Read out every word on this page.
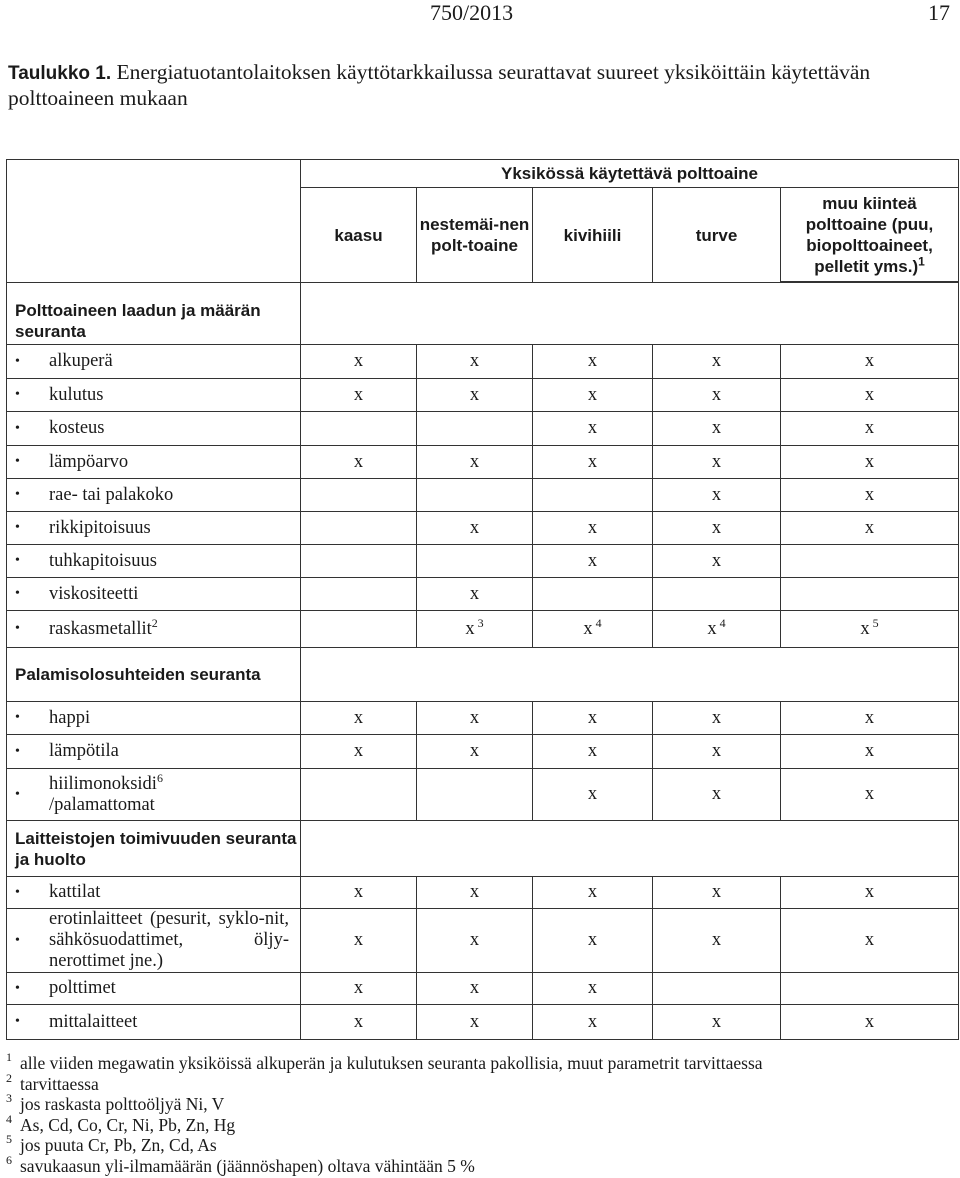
750/2013	17
Taulukko 1. Energiatuotantolaitoksen käyttötarkkailussa seurattavat suureet yksiköittäin käytettävän polttoaineen mukaan
	Yksikössä käytettävä polttoaine				
	kaasu	nestemäi-nen polt-toaine	kivihiili	turve	muu kiinteä polttoaine (puu, biopolttoaineet, pelletit yms.)$^1$

Polttoaineen laadun ja määrän seuranta					
• alkuperä	x	x	x	x	x
• kulutus	x	x	x	x	x
• kosteus			x	x	x
• lämpöarvo	x	x	x	x	x
• rae- tai palakoko				x	x
• rikkipitoisuus		x	x	x	x
• tuhkapitoisuus			x	x	
• viskositeetti		x			
• raskasmetallit$^2$		x $^3$	x $^4$	x $^4$	x $^5$
Palamisolosuhteiden seuranta					
• happi	x	x	x	x	x
• lämpötila	x	x	x	x	x
•hiilimonoksidi$^6$
/palamattomat			x	x	x
Laitteistojen toimivuuden seuranta ja huolto					
• kattilat	x	x	x	x	x
•erotinlaitteet (pesurit, syklo-nit, sähkösuodattimet, öljy-nerottimet jne.)	x	x	x	x	x
• polttimet	x	x	x		
• mittalaitteet	x	x	x	x	x
1 alle viiden megawatin yksiköissä alkuperän ja kulutuksen seuranta pakollisia, muut parametrit tarvittaessa
2 tarvittaessa
3 jos raskasta polttoöljyä Ni, V
4 As, Cd, Co, Cr, Ni, Pb, Zn, Hg
5 jos puuta Cr, Pb, Zn, Cd, As
6 savukaasun yli-ilmamäärän (jäännöshapen) oltava vähintään 5 %
